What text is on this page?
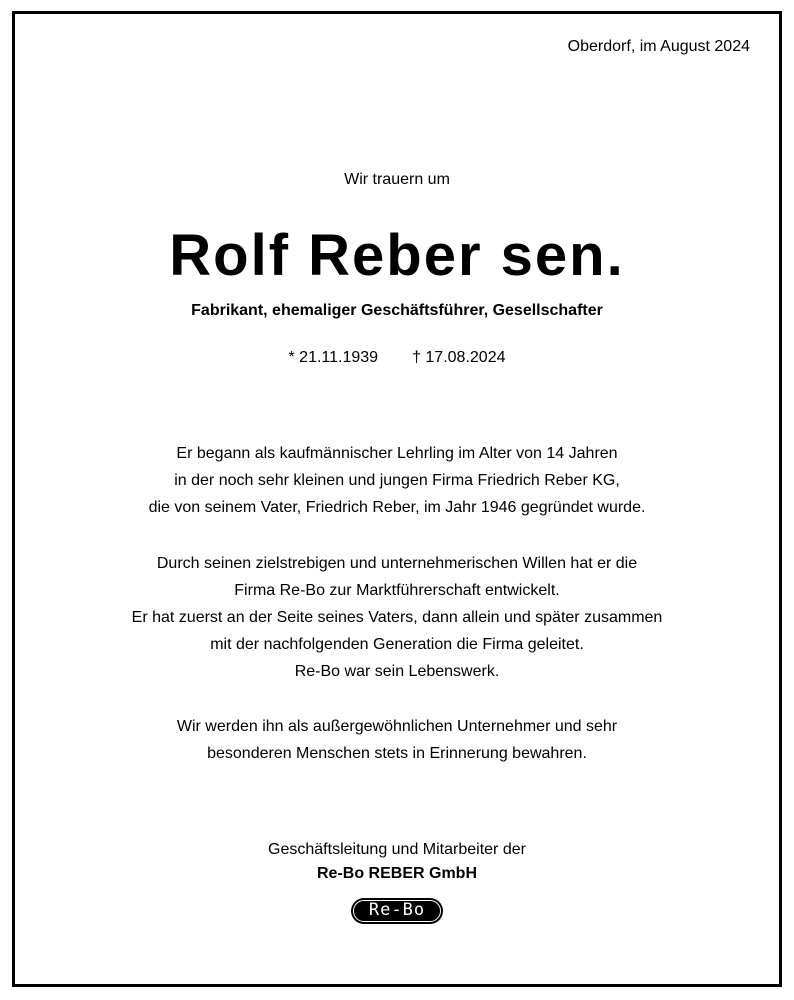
Oberdorf, im August 2024
Wir trauern um
Rolf Reber sen.
Fabrikant, ehemaliger Geschäftsführer, Gesellschafter
* 21.11.1939 † 17.08.2024
Er begann als kaufmännischer Lehrling im Alter von 14 Jahren
in der noch sehr kleinen und jungen Firma Friedrich Reber KG,
die von seinem Vater, Friedrich Reber, im Jahr 1946 gegründet wurde.
Durch seinen zielstrebigen und unternehmerischen Willen hat er die
Firma Re-Bo zur Marktführerschaft entwickelt.
Er hat zuerst an der Seite seines Vaters, dann allein und später zusammen
mit der nachfolgenden Generation die Firma geleitet.
Re-Bo war sein Lebenswerk.
Wir werden ihn als außergewöhnlichen Unternehmer und sehr
besonderen Menschen stets in Erinnerung bewahren.
Geschäftsleitung und Mitarbeiter der
Re-Bo REBER GmbH
Re-Bo
